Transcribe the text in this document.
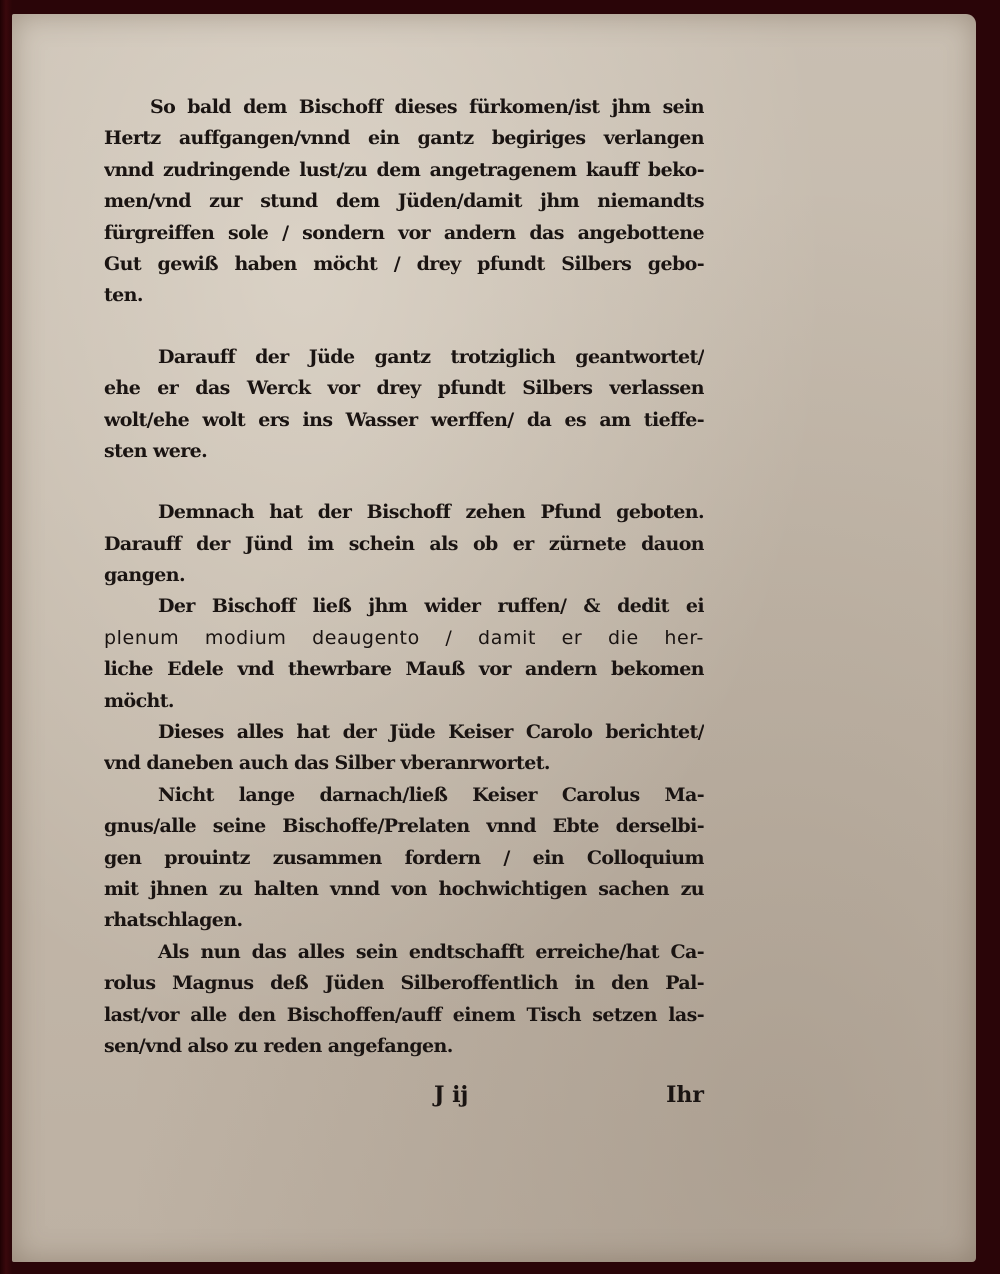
So bald dem Bischoff dieses fürkomen/ist jhm sein
Hertz auffgangen/vnnd ein gantz begiriges verlangen
vnnd zudringende lust/zu dem angetragenem kauff beko-
men/vnd zur stund dem Jüden/damit jhm niemandts
fürgreiffen sole / sondern vor andern das angebottene
Gut gewiß haben möcht / drey pfundt Silbers gebo-
ten.
Darauff der Jüde gantz trotziglich geantwortet/
ehe er das Werck vor drey pfundt Silbers verlassen
wolt/ehe wolt ers ins Wasser werffen/ da es am tieffe-
sten were.
Demnach hat der Bischoff zehen Pfund geboten.
Darauff der Jünd im schein als ob er zürnete dauon
gangen.
Der Bischoff ließ jhm wider ruffen/ & dedit ei
plenum modium deaugento / damit er die her-
liche Edele vnd thewrbare Mauß vor andern bekomen
möcht.
Dieses alles hat der Jüde Keiser Carolo berichtet/
vnd daneben auch das Silber vberanrwortet.
Nicht lange darnach/ließ Keiser Carolus Ma-
gnus/alle seine Bischoffe/Prelaten vnnd Ebte derselbi-
gen prouintz zusammen fordern / ein Colloquium
mit jhnen zu halten vnnd von hochwichtigen sachen zu
rhatschlagen.
Als nun das alles sein endtschafft erreiche/hat Ca-
rolus Magnus deß Jüden Silberoffentlich in den Pal-
last/vor alle den Bischoffen/auff einem Tisch setzen las-
sen/vnd also zu reden angefangen.
J ij	Ihr
